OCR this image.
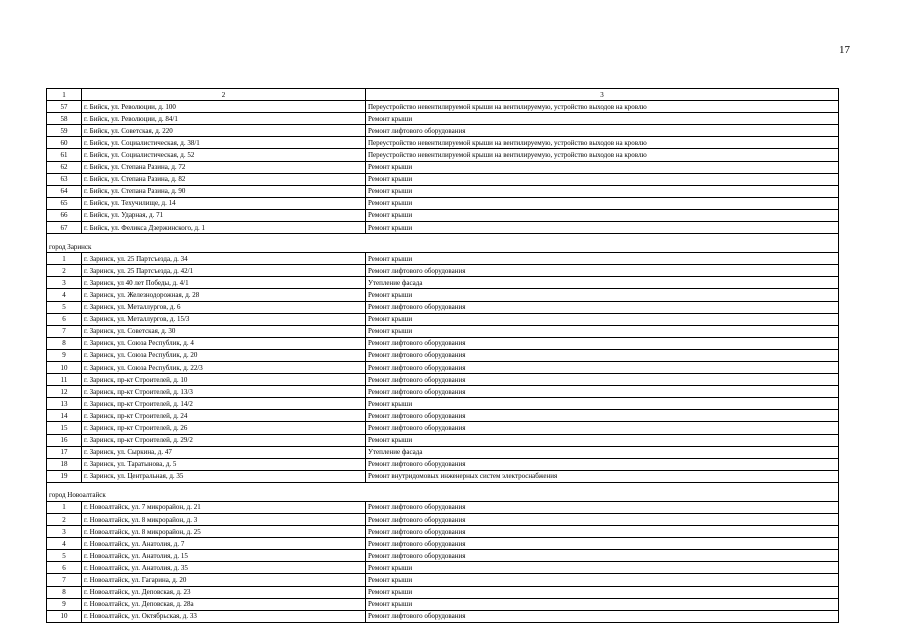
17
1	2	3
57	г. Бийск, ул. Революции, д. 100	Переустройство невентилируемой крыши на вентилируемую, устройство выходов на кровлю
58	г. Бийск, ул. Революции, д. 84/1	Ремонт крыши
59	г. Бийск, ул. Советская, д. 220	Ремонт лифтового оборудования
60	г. Бийск, ул. Социалистическая, д. 38/1	Переустройство невентилируемой крыши на вентилируемую, устройство выходов на кровлю
61	г. Бийск, ул. Социалистическая, д. 52	Переустройство невентилируемой крыши на вентилируемую, устройство выходов на кровлю
62	г. Бийск, ул. Степана Разина, д. 72	Ремонт крыши
63	г. Бийск, ул. Степана Разина, д. 82	Ремонт крыши
64	г. Бийск, ул. Степана Разина, д. 90	Ремонт крыши
65	г. Бийск, ул. Техучилище, д. 14	Ремонт крыши
66	г. Бийск, ул. Ударная, д. 71	Ремонт крыши
67	г. Бийск, ул. Феликса Дзержинского, д. 1	Ремонт крыши

город Заринск		
1	г. Заринск, ул. 25 Партсъезда, д. 34	Ремонт крыши
2	г. Заринск, ул. 25 Партсъезда, д. 42/1	Ремонт лифтового оборудования
3	г. Заринск, ул 40 лет Победы, д. 4/1	Утепление фасада
4	г. Заринск, ул. Железнодорожная, д. 28	Ремонт крыши
5	г. Заринск, ул. Металлургов, д. 6	Ремонт лифтового оборудования
6	г. Заринск, ул. Металлургов, д. 15/3	Ремонт крыши
7	г. Заринск, ул. Советская, д. 30	Ремонт крыши
8	г. Заринск, ул. Союза Республик, д. 4	Ремонт лифтового оборудования
9	г. Заринск, ул. Союза Республик, д. 20	Ремонт лифтового оборудования
10	г. Заринск, ул. Союза Республик, д. 22/3	Ремонт лифтового оборудования
11	г. Заринск, пр-кт Строителей, д. 10	Ремонт лифтового оборудования
12	г. Заринск, пр-кт Строителей, д. 13/3	Ремонт лифтового оборудования
13	г. Заринск, пр-кт Строителей, д. 14/2	Ремонт крыши
14	г. Заринск, пр-кт Строителей, д. 24	Ремонт лифтового оборудования
15	г. Заринск, пр-кт Строителей, д. 26	Ремонт лифтового оборудования
16	г. Заринск, пр-кт Строителей, д. 29/2	Ремонт крыши
17	г. Заринск, ул. Сыркина, д. 47	Утепление фасада
18	г. Заринск, ул. Таратынова, д. 5	Ремонт лифтового оборудования
19	г. Заринск, ул. Центральная, д. 35	Ремонт внутридомовых инженерных систем электроснабжения

город Новоалтайск		
1	г. Новоалтайск, ул. 7 микрорайон, д. 21	Ремонт лифтового оборудования
2	г. Новоалтайск, ул. 8 микрорайон, д. 3	Ремонт лифтового оборудования
3	г. Новоалтайск, ул. 8 микрорайон, д. 25	Ремонт лифтового оборудования
4	г. Новоалтайск, ул. Анатолия, д. 7	Ремонт лифтового оборудования
5	г. Новоалтайск, ул. Анатолия, д. 15	Ремонт лифтового оборудования
6	г. Новоалтайск, ул. Анатолия, д. 35	Ремонт крыши
7	г. Новоалтайск, ул. Гагарина, д. 20	Ремонт крыши
8	г. Новоалтайск, ул. Деповская, д. 23	Ремонт крыши
9	г. Новоалтайск, ул. Деповская, д. 28а	Ремонт крыши
10	г. Новоалтайск, ул. Октябрьская, д. 33	Ремонт лифтового оборудования
